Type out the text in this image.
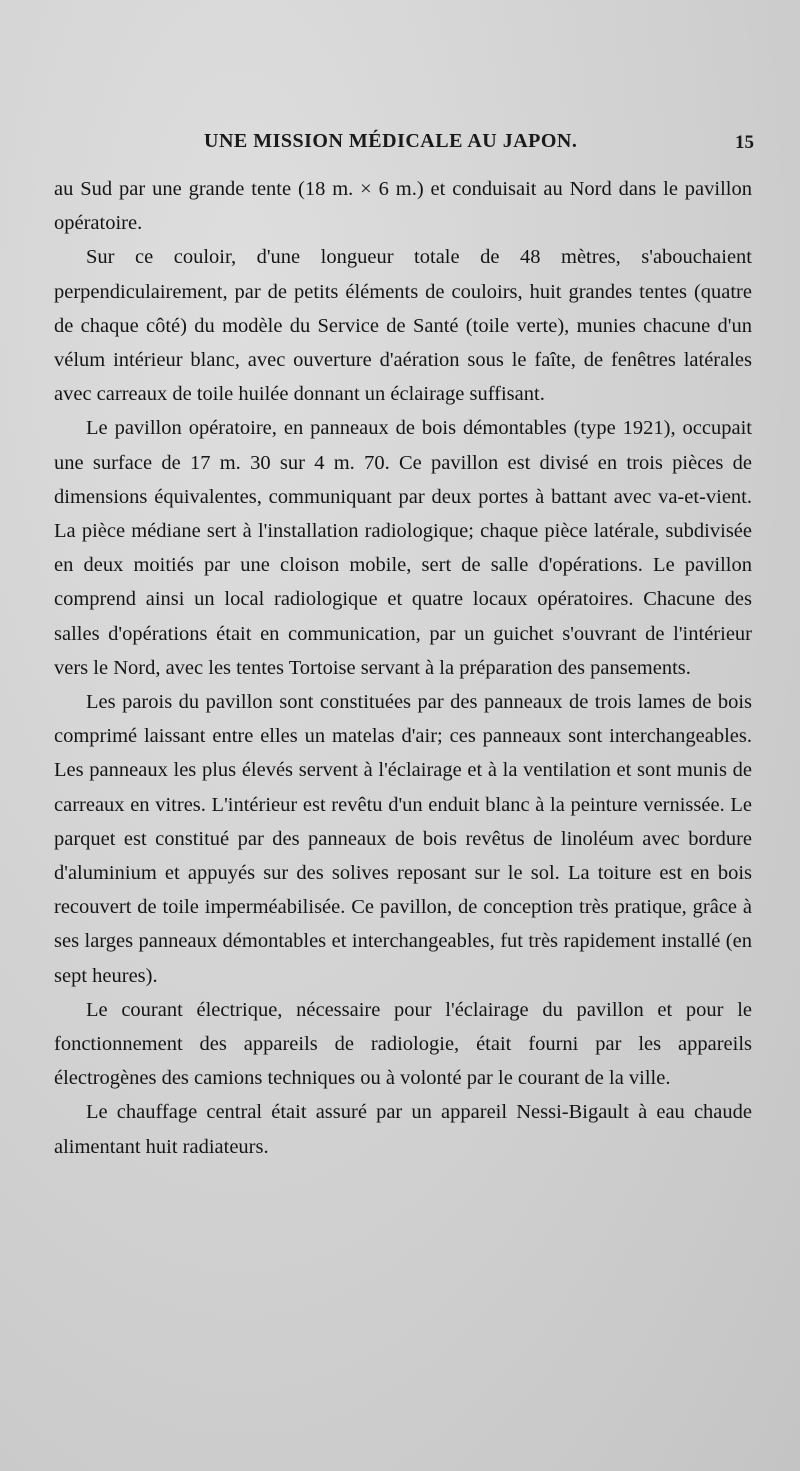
UNE MISSION MÉDICALE AU JAPON.	15

au Sud par une grande tente (18 m. × 6 m.) et conduisait au Nord dans le pavillon opératoire.

Sur ce couloir, d'une longueur totale de 48 mètres, s'abouchaient perpendiculairement, par de petits éléments de couloirs, huit grandes tentes (quatre de chaque côté) du modèle du Service de Santé (toile verte), munies chacune d'un vélum intérieur blanc, avec ouverture d'aération sous le faîte, de fenêtres latérales avec carreaux de toile huilée donnant un éclairage suffisant.

Le pavillon opératoire, en panneaux de bois démontables (type 1921), occupait une surface de 17 m. 30 sur 4 m. 70. Ce pavillon est divisé en trois pièces de dimensions équivalentes, communiquant par deux portes à battant avec va-et-vient. La pièce médiane sert à l'installation radiologique; chaque pièce latérale, subdivisée en deux moitiés par une cloison mobile, sert de salle d'opérations. Le pavillon comprend ainsi un local radiologique et quatre locaux opératoires. Chacune des salles d'opérations était en communication, par un guichet s'ouvrant de l'intérieur vers le Nord, avec les tentes Tortoise servant à la préparation des pansements.

Les parois du pavillon sont constituées par des panneaux de trois lames de bois comprimé laissant entre elles un matelas d'air; ces panneaux sont interchangeables. Les panneaux les plus élevés servent à l'éclairage et à la ventilation et sont munis de carreaux en vitres. L'intérieur est revêtu d'un enduit blanc à la peinture vernissée. Le parquet est constitué par des panneaux de bois revêtus de linoléum avec bordure d'aluminium et appuyés sur des solives reposant sur le sol. La toiture est en bois recouvert de toile imperméabilisée. Ce pavillon, de conception très pratique, grâce à ses larges panneaux démontables et interchangeables, fut très rapidement installé (en sept heures).

Le courant électrique, nécessaire pour l'éclairage du pavillon et pour le fonctionnement des appareils de radiologie, était fourni par les appareils électrogènes des camions techniques ou à volonté par le courant de la ville.

Le chauffage central était assuré par un appareil Nessi-Bigault à eau chaude alimentant huit radiateurs.
